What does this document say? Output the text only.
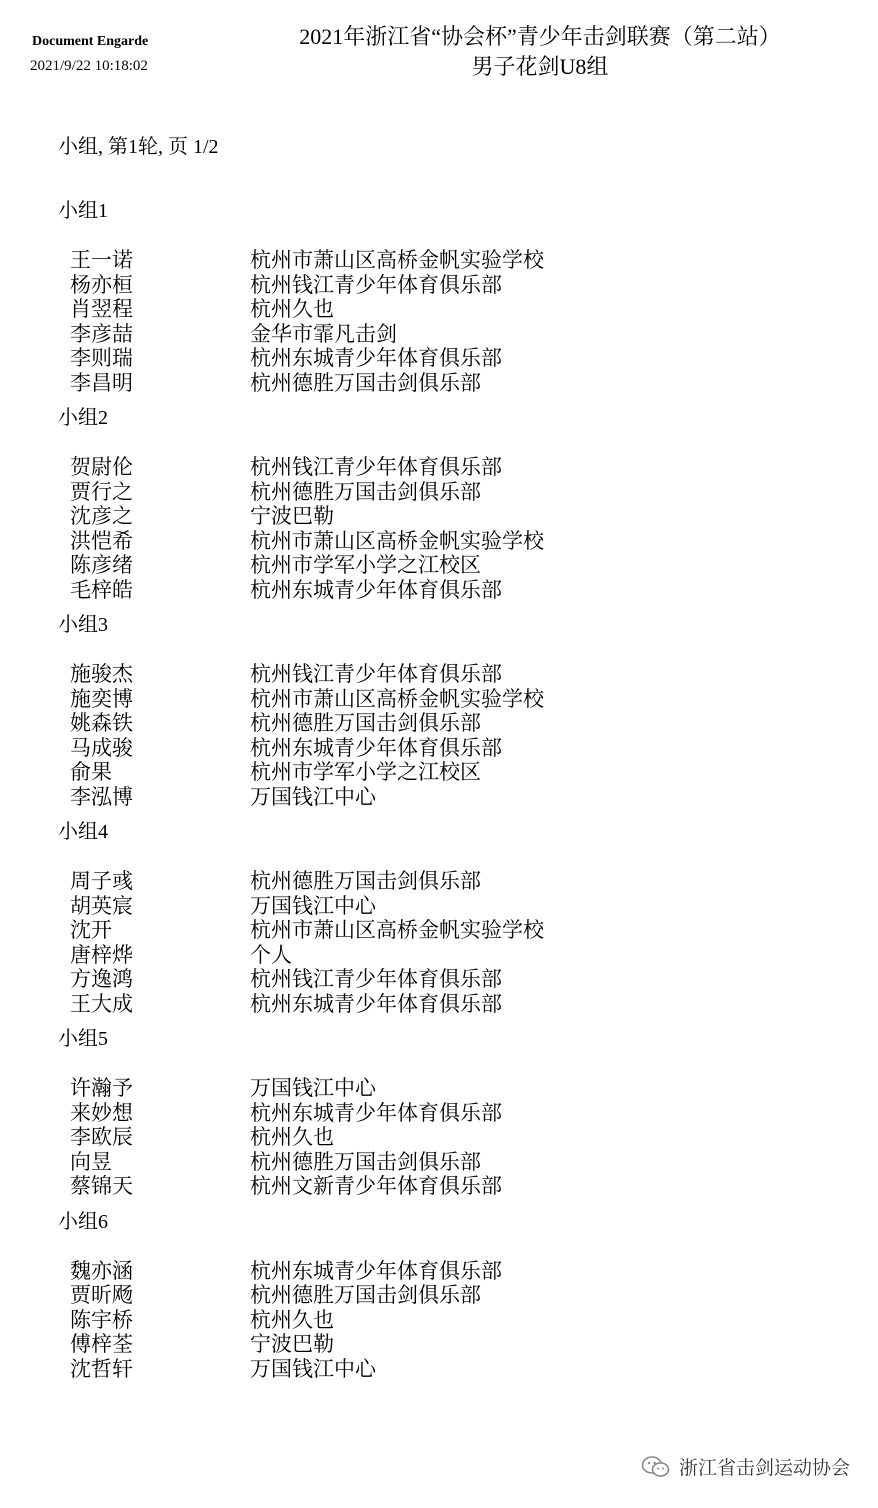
Document Engarde
2021/9/22 10:18:02
2021年浙江省“协会杯”青少年击剑联赛（第二站）
男子花剑U8组
小组, 第1轮, 页 1/2
小组1
王一诺	杭州市萧山区高桥金帆实验学校
杨亦桓	杭州钱江青少年体育俱乐部
肖翌程	杭州久也
李彦喆	金华市霏凡击剑
李则瑞	杭州东城青少年体育俱乐部
李昌明	杭州德胜万国击剑俱乐部
小组2
贺尉伦	杭州钱江青少年体育俱乐部
贾行之	杭州德胜万国击剑俱乐部
沈彦之	宁波巴勒
洪恺希	杭州市萧山区高桥金帆实验学校
陈彦绪	杭州市学军小学之江校区
毛梓皓	杭州东城青少年体育俱乐部
小组3
施骏杰	杭州钱江青少年体育俱乐部
施奕博	杭州市萧山区高桥金帆实验学校
姚森铁	杭州德胜万国击剑俱乐部
马成骏	杭州东城青少年体育俱乐部
俞果	杭州市学军小学之江校区
李泓博	万国钱江中心
小组4
周子彧	杭州德胜万国击剑俱乐部
胡英宸	万国钱江中心
沈开	杭州市萧山区高桥金帆实验学校
唐梓烨	个人
方逸鸿	杭州钱江青少年体育俱乐部
王大成	杭州东城青少年体育俱乐部
小组5
许瀚予	万国钱江中心
来妙想	杭州东城青少年体育俱乐部
李欧辰	杭州久也
向昱	杭州德胜万国击剑俱乐部
蔡锦天	杭州文新青少年体育俱乐部
小组6
魏亦涵	杭州东城青少年体育俱乐部
贾昕飏	杭州德胜万国击剑俱乐部
陈宇桥	杭州久也
傅梓荃	宁波巴勒
沈哲轩	万国钱江中心
浙江省击剑运动协会
